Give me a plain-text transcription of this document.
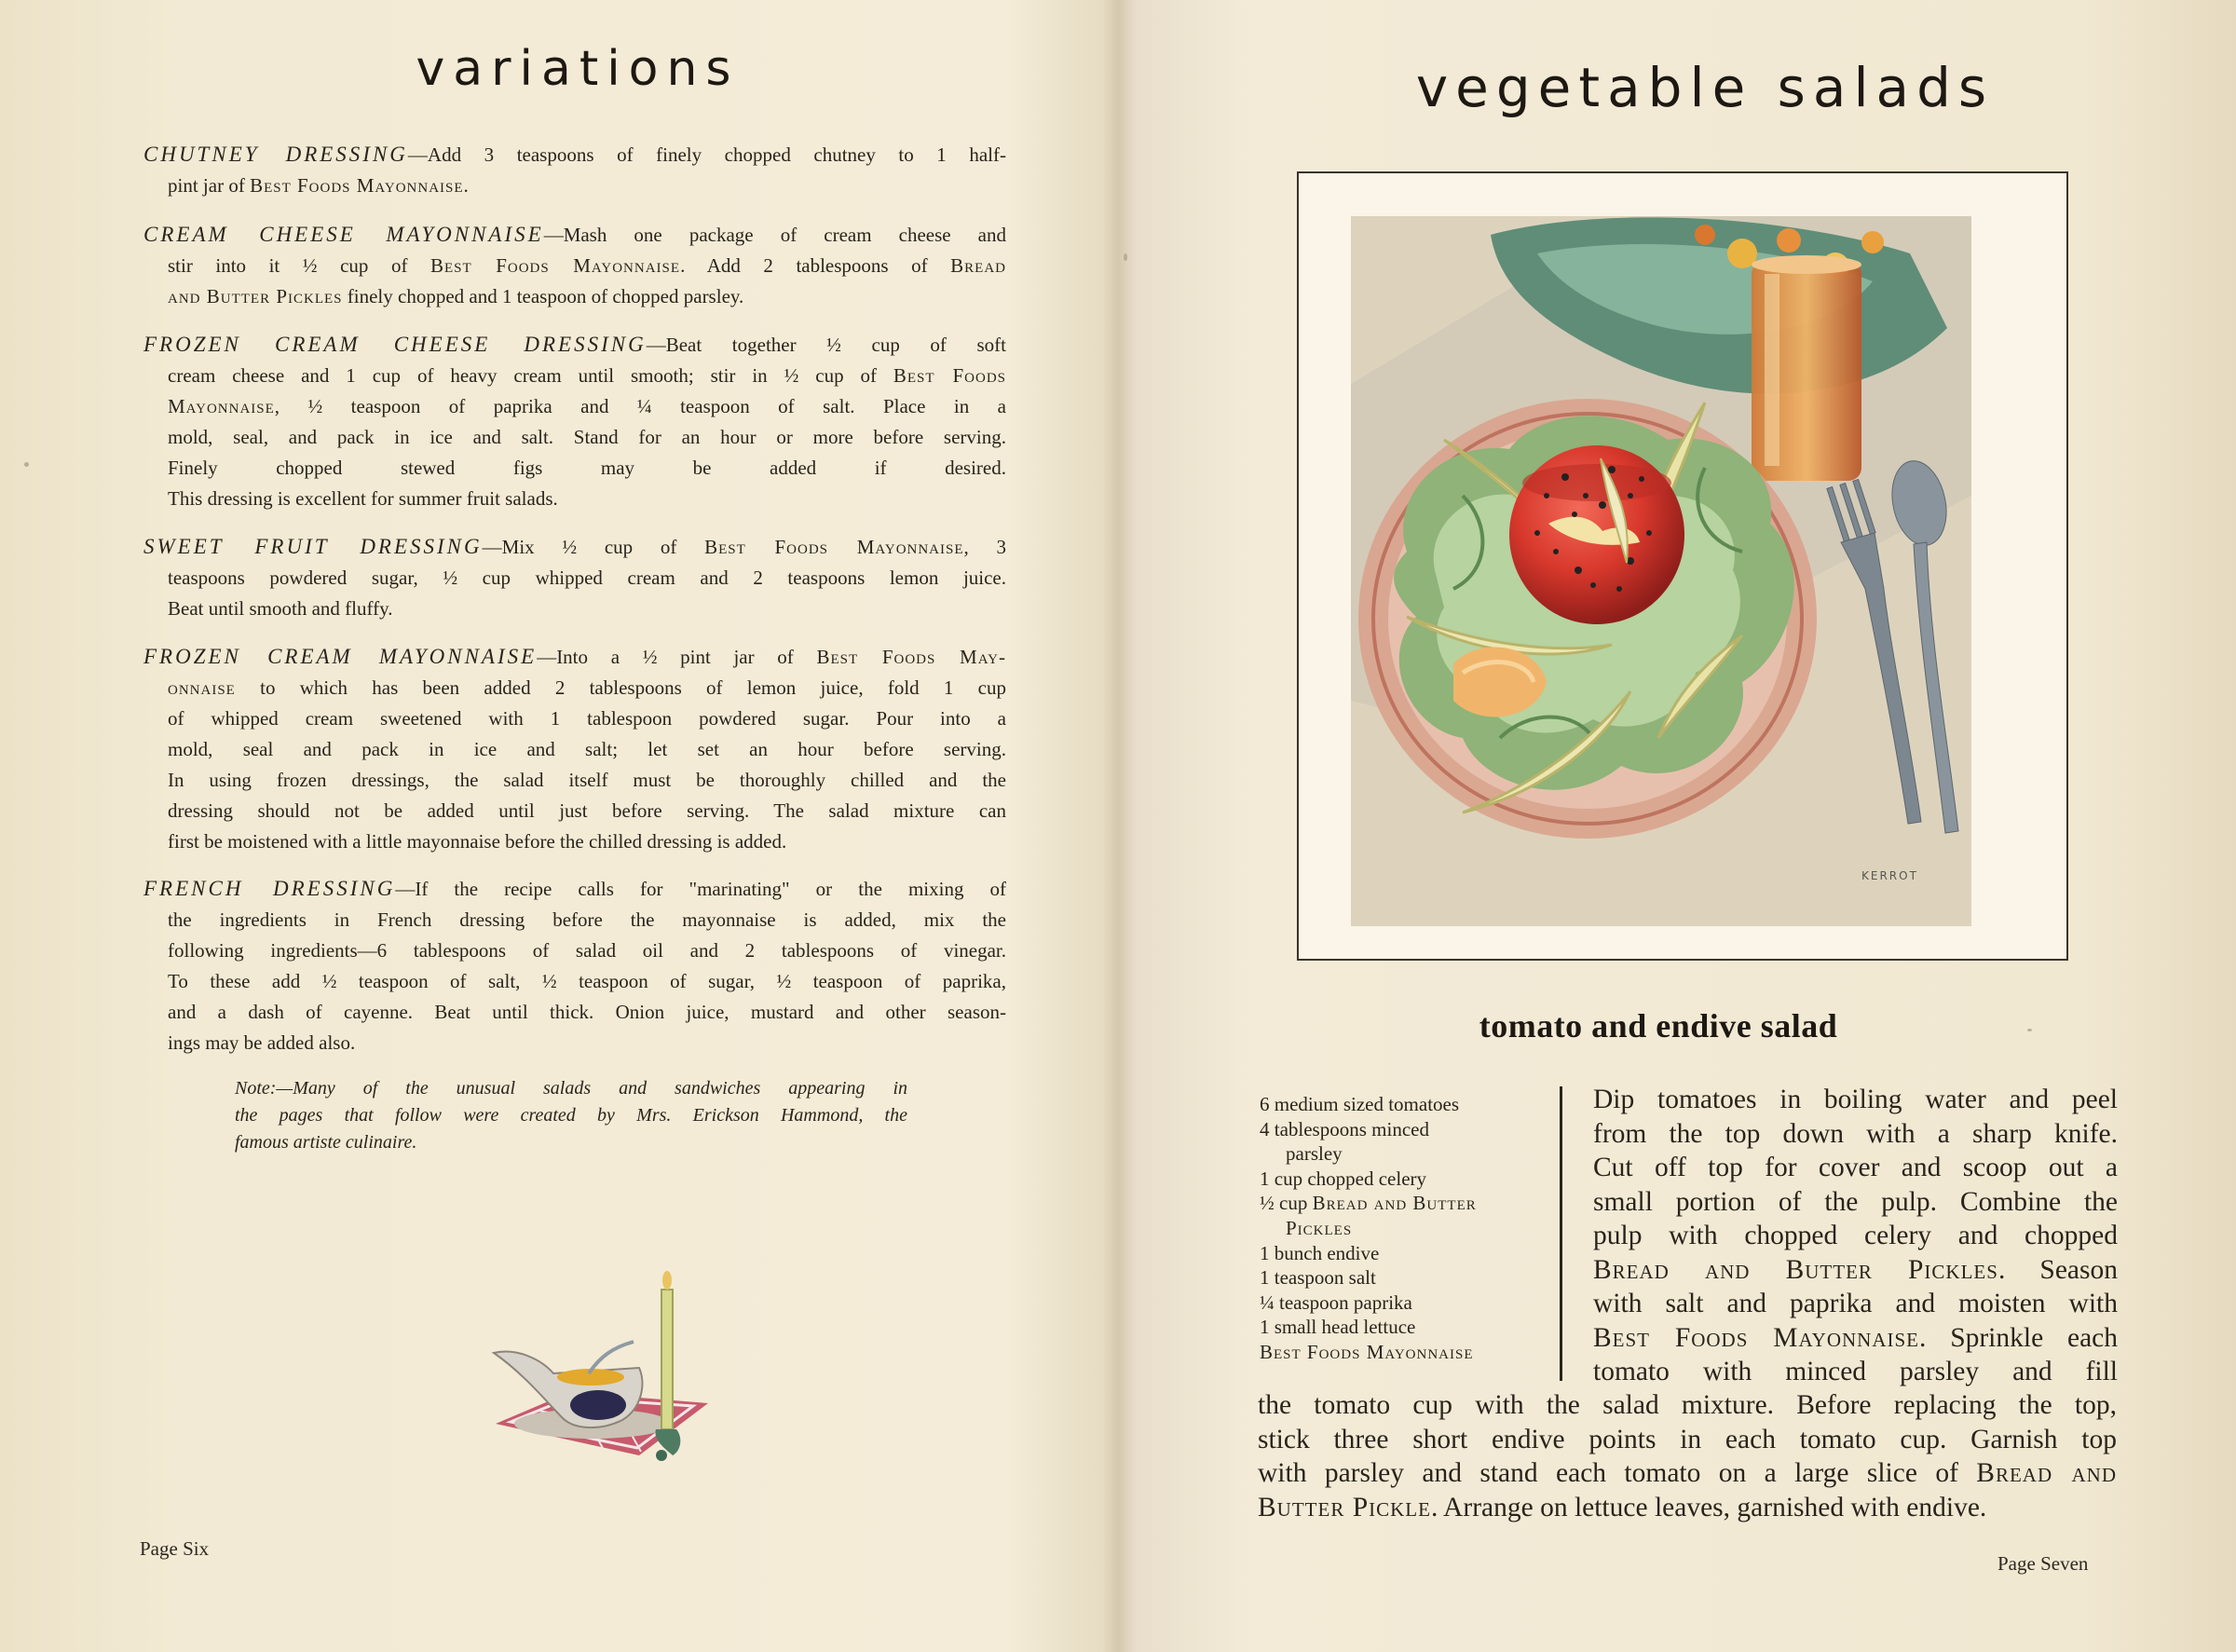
variations
CHUTNEY DRESSING—Add 3 teaspoons of finely chopped chutney to 1 half-
pint jar of Best Foods Mayonnaise.
CREAM CHEESE MAYONNAISE—Mash one package of cream cheese and
stir into it ½ cup of Best Foods Mayonnaise. Add 2 tablespoons of Bread
and Butter Pickles finely chopped and 1 teaspoon of chopped parsley.
FROZEN CREAM CHEESE DRESSING—Beat together ½ cup of soft
cream cheese and 1 cup of heavy cream until smooth; stir in ½ cup of Best Foods
Mayonnaise, ½ teaspoon of paprika and ¼ teaspoon of salt. Place in a
mold, seal, and pack in ice and salt. Stand for an hour or more before serving.
Finely chopped stewed figs may be added if desired.
This dressing is excellent for summer fruit salads.
SWEET FRUIT DRESSING—Mix ½ cup of Best Foods Mayonnaise, 3
teaspoons powdered sugar, ½ cup whipped cream and 2 teaspoons lemon juice.
Beat until smooth and fluffy.
FROZEN CREAM MAYONNAISE—Into a ½ pint jar of Best Foods May-
onnaise to which has been added 2 tablespoons of lemon juice, fold 1 cup
of whipped cream sweetened with 1 tablespoon powdered sugar. Pour into a
mold, seal and pack in ice and salt; let set an hour before serving.
In using frozen dressings, the salad itself must be thoroughly chilled and the
dressing should not be added until just before serving. The salad mixture can
first be moistened with a little mayonnaise before the chilled dressing is added.
FRENCH DRESSING—If the recipe calls for "marinating" or the mixing of
the ingredients in French dressing before the mayonnaise is added, mix the
following ingredients—6 tablespoons of salad oil and 2 tablespoons of vinegar.
To these add ½ teaspoon of salt, ½ teaspoon of sugar, ½ teaspoon of paprika,
and a dash of cayenne. Beat until thick. Onion juice, mustard and other season-
ings may be added also.
Note:—Many of the unusual salads and sandwiches appearing in
the pages that follow were created by Mrs. Erickson Hammond, the
famous artiste culinaire.
Page Six
vegetable salads
KERROT
tomato and endive salad
6 medium sized tomatoes
4 tablespoons minced
parsley
1 cup chopped celery
½ cup Bread and Butter
Pickles
1 bunch endive
1 teaspoon salt
¼ teaspoon paprika
1 small head lettuce
Best Foods Mayonnaise
Dip tomatoes in boiling water and peel
from the top down with a sharp knife.
Cut off top for cover and scoop out a
small portion of the pulp. Combine the
pulp with chopped celery and chopped
Bread and Butter Pickles. Season
with salt and paprika and moisten with
Best Foods Mayonnaise. Sprinkle each
tomato with minced parsley and fill
the tomato cup with the salad mixture. Before replacing the top,
stick three short endive points in each tomato cup. Garnish top
with parsley and stand each tomato on a large slice of Bread and
Butter Pickle. Arrange on lettuce leaves, garnished with endive.
Page Seven
